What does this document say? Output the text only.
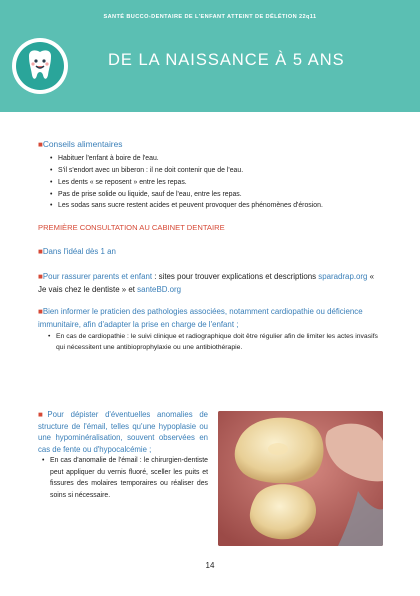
SANTÉ BUCCO-DENTAIRE DE L'ENFANT ATTEINT DE DÉLÉTION 22q11
DE LA NAISSANCE À 5 ANS
■Conseils alimentaires
• Habituer l'enfant à boire de l'eau.
• S'il s'endort avec un biberon : il ne doit contenir que de l'eau.
• Les dents « se reposent » entre les repas.
• Pas de prise solide ou liquide, sauf de l'eau, entre les repas.
• Les sodas sans sucre restent acides et peuvent provoquer des phénomènes d'érosion.
PREMIÈRE CONSULTATION AU CABINET DENTAIRE
■Dans l'idéal dès 1 an
■Pour rassurer parents et enfant : sites pour trouver explications et descriptions sparadrap.org « Je vais chez le dentiste » et santeBD.org
■Bien informer le praticien des pathologies associées, notamment cardiopathie ou déficience immunitaire, afin d'adapter la prise en charge de l'enfant ;
• En cas de cardiopathie : le suivi clinique et radiographique doit être régulier afin de limiter les actes invasifs qui nécessitent une antibioprophylaxie ou une antibiothérapie.
■Pour dépister d'éventuelles anomalies de structure de l'émail, telles qu'une hypoplasie ou une hypominéralisation, souvent observées en cas de fente ou d'hypocalcémie ;
• En cas d'anomalie de l'émail : le chirurgien-dentiste peut appliquer du vernis fluoré, sceller les puits et fissures des molaires temporaires ou réaliser des soins si nécessaire.
14
